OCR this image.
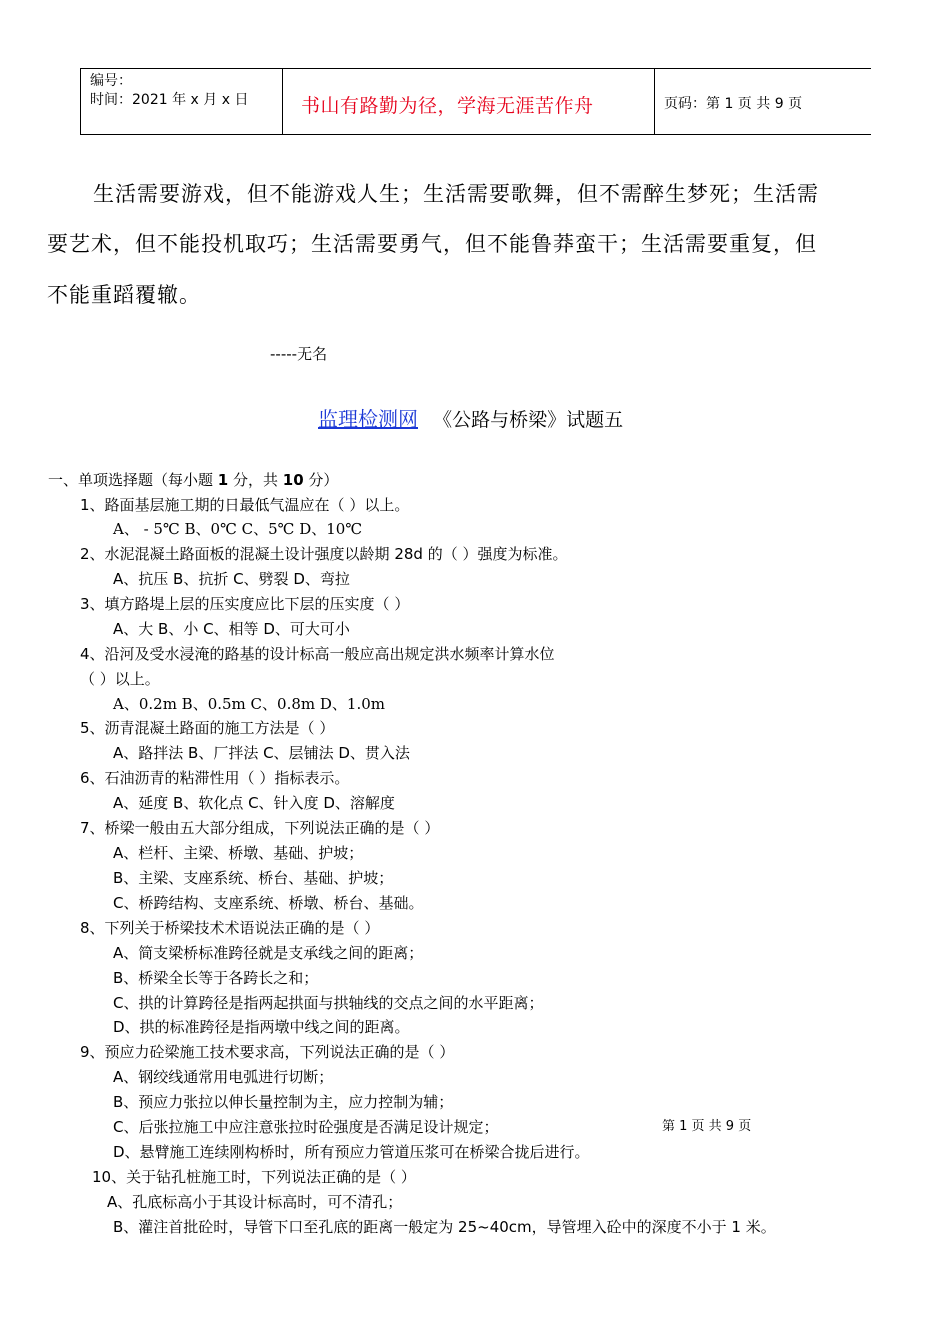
编号：
时间：2021 年 x 月 x 日	书山有路勤为径，学海无涯苦作舟	页码：第 1 页 共 9 页
生活需要游戏，但不能游戏人生；生活需要歌舞，但不需醉生梦死；生活需
要艺术，但不能投机取巧；生活需要勇气，但不能鲁莽蛮干；生活需要重复，但
不能重蹈覆辙。
-----无名
监理检测网 《公路与桥梁》试题五
一、单项选择题（每小题 1 分，共 10 分）
1、路面基层施工期的日最低气温应在（ ）以上。
A、 - 5℃ B、0℃ C、5℃ D、10℃
2、水泥混凝土路面板的混凝土设计强度以龄期 28d 的（ ）强度为标准。
A、抗压 B、抗折 C、劈裂 D、弯拉
3、填方路堤上层的压实度应比下层的压实度（ ）
A、大 B、小 C、相等 D、可大可小
4、沿河及受水浸淹的路基的设计标高一般应高出规定洪水频率计算水位
（ ）以上。
A、0.2m B、0.5m C、0.8m D、1.0m
5、沥青混凝土路面的施工方法是（ ）
A、路拌法 B、厂拌法 C、层铺法 D、贯入法
6、石油沥青的粘滞性用（ ）指标表示。
A、延度 B、软化点 C、针入度 D、溶解度
7、桥梁一般由五大部分组成，下列说法正确的是（ ）
A、栏杆、主梁、桥墩、基础、护坡；
B、主梁、支座系统、桥台、基础、护坡；
C、桥跨结构、支座系统、桥墩、桥台、基础。
8、下列关于桥梁技术术语说法正确的是（ ）
A、简支梁桥标准跨径就是支承线之间的距离；
B、桥梁全长等于各跨长之和；
C、拱的计算跨径是指两起拱面与拱轴线的交点之间的水平距离；
D、拱的标准跨径是指两墩中线之间的距离。
9、预应力砼梁施工技术要求高，下列说法正确的是（ ）
A、钢绞线通常用电弧进行切断；
B、预应力张拉以伸长量控制为主，应力控制为辅；
C、后张拉施工中应注意张拉时砼强度是否满足设计规定；
D、悬臂施工连续刚构桥时，所有预应力管道压浆可在桥梁合拢后进行。
第 1 页 共 9 页
10、关于钻孔桩施工时，下列说法正确的是（ ）
A、孔底标高小于其设计标高时，可不清孔；
B、灌注首批砼时，导管下口至孔底的距离一般定为 25~40cm，导管埋入砼中的深度不小于 1 米。
